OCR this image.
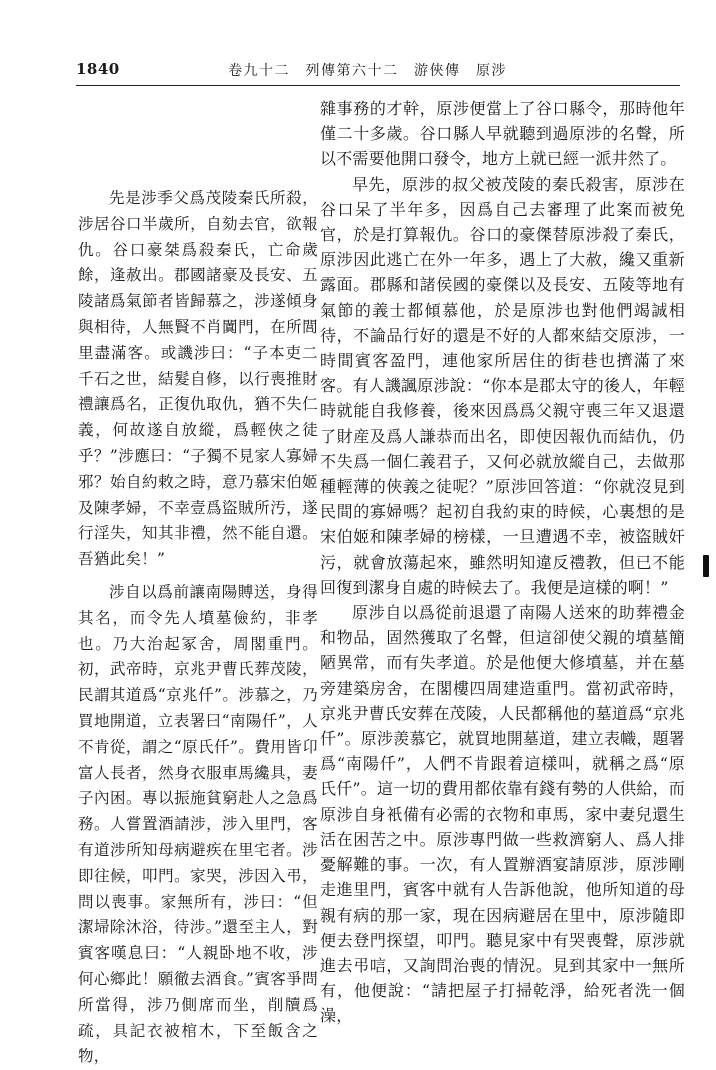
1840	卷九十二　列傳第六十二　游俠傳　原涉

先是涉季父爲茂陵秦氏所殺，涉居谷口半歲所，自劾去官，欲報仇。谷口豪桀爲殺秦氏，亡命歲餘，逢赦出。郡國諸豪及長安、五陵諸爲氣節者皆歸慕之，涉遂傾身與相待，人無賢不肖闐門，在所閭里盡滿客。或譏涉曰：“子本吏二千石之世，結髮自修，以行喪推財禮讓爲名，正復仇取仇，猶不失仁義，何故遂自放縱，爲輕俠之徒乎？”涉應曰：“子獨不見家人寡婦邪？始自約敕之時，意乃慕宋伯姬及陳孝婦，不幸壹爲盜賊所汚，遂行淫失，知其非禮，然不能自還。吾猶此矣！”

涉自以爲前讓南陽賻送，身得其名，而令先人墳墓儉約，非孝也。乃大治起冢舍，周閣重門。初，武帝時，京兆尹曹氏葬茂陵，民謂其道爲“京兆仟”。涉慕之，乃買地開道，立表署曰“南陽仟”，人不肯從，謂之“原氏仟”。費用皆卬富人長者，然身衣服車馬纔具，妻子內困。專以振施貧窮赴人之急爲務。人嘗置酒請涉，涉入里門，客有道涉所知母病避疾在里宅者。涉即往候，叩門。家哭，涉因入弔，問以喪事。家無所有，涉曰：“但潔埽除沐浴，待涉。”還至主人，對賓客嘆息曰：“人親卧地不收，涉何心鄉此！願徹去酒食。”賓客爭問所當得，涉乃側席而坐，削牘爲疏，具記衣被棺木，下至飯含之物，

雜事務的才幹，原涉便當上了谷口縣令，那時他年僅二十多歲。谷口縣人早就聽到過原涉的名聲，所以不需要他開口發令，地方上就已經一派井然了。

早先，原涉的叔父被茂陵的秦氏殺害，原涉在谷口呆了半年多，因爲自己去審理了此案而被免官，於是打算報仇。谷口的豪傑替原涉殺了秦氏，原涉因此逃亡在外一年多，遇上了大赦，纔又重新露面。郡縣和諸侯國的豪傑以及長安、五陵等地有氣節的義士都傾慕他，於是原涉也對他們竭誠相待，不論品行好的還是不好的人都來結交原涉，一時間賓客盈門，連他家所居住的街巷也擠滿了來客。有人譏諷原涉說：“你本是郡太守的後人，年輕時就能自我修養，後來因爲爲父親守喪三年又退還了財産及爲人謙恭而出名，即使因報仇而結仇，仍不失爲一個仁義君子，又何必就放縱自己，去做那種輕薄的俠義之徒呢？”原涉回答道：“你就沒見到民間的寡婦嗎？起初自我約束的時候，心裏想的是宋伯姬和陳孝婦的榜樣，一旦遭遇不幸，被盜賊奸污，就會放蕩起來，雖然明知違反禮教，但已不能回復到潔身自處的時候去了。我便是這樣的啊！”

原涉自以爲從前退還了南陽人送來的助葬禮金和物品，固然獲取了名聲，但這卻使父親的墳墓簡陋異常，而有失孝道。於是他便大修墳墓，并在墓旁建築房舍，在閣樓四周建造重門。當初武帝時，京兆尹曹氏安葬在茂陵，人民都稱他的墓道爲“京兆仟”。原涉羨慕它，就買地開墓道，建立表幟，題署爲“南陽仟”，人們不肯跟着這樣叫，就稱之爲“原氏仟”。這一切的費用都依靠有錢有勢的人供給，而原涉自身衹備有必需的衣物和車馬，家中妻兒還生活在困苦之中。原涉專門做一些救濟窮人、爲人排憂解難的事。一次，有人置辦酒宴請原涉，原涉剛走進里門，賓客中就有人告訴他說，他所知道的母親有病的那一家，現在因病避居在里中，原涉隨即便去登門探望，叩門。聽見家中有哭喪聲，原涉就進去弔唁，又詢問治喪的情況。見到其家中一無所有，他便說：“請把屋子打掃乾淨，給死者洗一個澡，
